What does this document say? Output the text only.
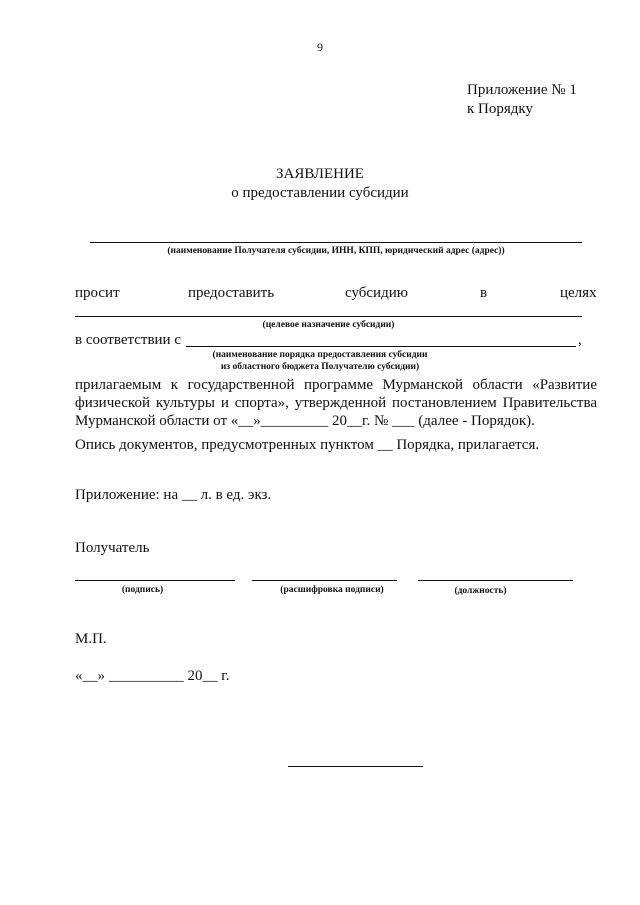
9
Приложение № 1
к Порядку
ЗАЯВЛЕНИЕ
о предоставлении субсидии
(наименование Получателя субсидии, ИНН, КПП, юридический адрес (адрес))
просит	предоставить	субсидию	в	целях
(целевое назначение субсидии)
в соответствии с	,
(наименование порядка предоставления субсидии
из областного бюджета Получателю субсидии)
прилагаемым к государственной программе Мурманской области «Развитие
физической культуры и спорта», утвержденной постановлением Правительства
Мурманской области от «__»_________ 20__г. № ___ (далее - Порядок).
Опись документов, предусмотренных пунктом __ Порядка, прилагается.
Приложение: на __ л. в ед. экз.
Получатель
(подпись)	(расшифровка подписи)	(должность)
М.П.
«__» __________ 20__ г.
